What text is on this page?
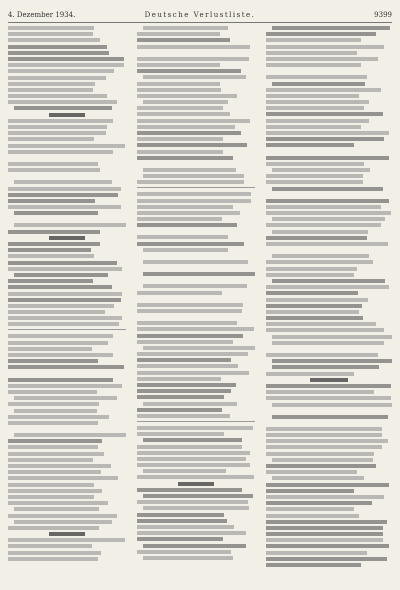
4. Dezember 1934.	Deutsche Verlustliste.	9399
